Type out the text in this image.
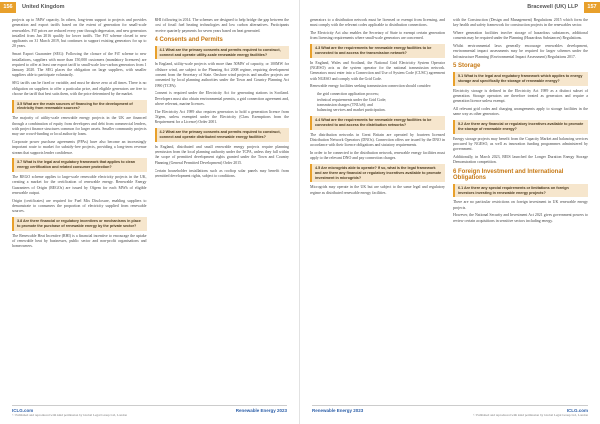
156	United Kingdom

projects up to 5MW capacity. In others, long-term support to projects and provides generation and export tariffs based on the extent of generation for small-scale renewables. FiT prices are reduced every year through degression, and new generators installed from Jan 2016 qualify for lower tariffs. The FiT scheme closed to new applicants on 31 March 2019, but continues to support existing generators for up to 20 years.

Smart Export Guarantee (SEG): Following the closure of the FiT scheme to new installations, suppliers with more than 150,000 customers (mandatory licensees) are required to offer at least one export tariff to small-scale low-carbon generators from 1 January 2020. The SEG places the obligation on large suppliers, with smaller suppliers able to participate voluntarily.

SEG tariffs can be fixed or variable, and must be above zero at all times. There is no obligation on suppliers to offer a particular price, and eligible generators are free to choose the tariff that best suits them, with the price determined by the market.

3.5 What are the main sources of financing for the development of electricity from renewable sources?

The majority of utility-scale renewable energy projects in the UK are financed through a combination of equity from developers and debt from commercial lenders, with project finance structures common for larger assets. Smaller community projects may use crowd-funding or local authority loans.

Corporate power purchase agreements (PPAs) have also become an increasingly important route to market for subsidy-free projects, providing a long-term revenue stream that supports lender confidence.

3.7 What is the legal and regulatory framework that applies to clean energy certification and related consumer protection?

The REGO scheme applies to large-scale renewable electricity projects in the UK, creating a market for the certification of renewable energy. Renewable Energy Guarantees of Origin (REGOs) are issued by Ofgem for each MWh of eligible renewable output.

Origin (certificates) are required for Fuel Mix Disclosure, enabling suppliers to demonstrate to consumers the proportion of electricity supplied from renewable sources.

3.8 Are there financial or regulatory incentives or mechanisms in place to promote the purchase of renewable energy by the private sector?

The Renewable Heat Incentive (RHI) is a financial incentive to encourage the uptake of renewable heat by businesses, public sector and non-profit organisations and homeowners.

RHI following in 2014. The schemes are designed to help bridge the gap between the cost of fossil fuel heating technologies and low carbon alternatives. Participants receive quarterly payments for seven years based on heat generated.

4 Consents and Permits
4.1 What are the primary consents and permits required to construct, connect and operate utility-scale renewable energy facilities?

In England, utility-scale projects with more than 50MW of capacity, or 100MW for offshore wind, are subject to the Planning Act 2008 regime, requiring development consent from the Secretary of State. Onshore wind projects and smaller projects are consented by local planning authorities under the Town and Country Planning Act 1990 (TCPA).

Consent is required under the Electricity Act for generating stations in Scotland. Developers must also obtain environmental permits, a grid connection agreement and, where relevant, marine licences.

The Electricity Act 1989 also requires generators to hold a generation licence from Ofgem, unless exempted under the Electricity (Class Exemptions from the Requirement for a Licence) Order 2001.

4.2 What are the primary consents and permits required to construct, connect and operate distributed renewable energy facilities?

In England, distributed and small renewable energy projects require planning permission from the local planning authority under the TCPA, unless they fall within the scope of permitted development rights granted under the Town and Country Planning (General Permitted Development) Order 2015.

Certain householder installations such as rooftop solar panels may benefit from permitted development rights, subject to conditions.

ICLG.com
© Published and reproduced with kind permission by Global Legal Group Ltd, London
Renewable Energy 2023
Bracewell (UK) LLP	157

generators to a distribution network must be licensed or exempt from licensing, and must comply with the relevant codes applicable to distribution connections.

The Electricity Act also enables the Secretary of State to exempt certain generation from licensing requirements where small-scale generators are concerned.

4.3 What are the requirements for renewable energy facilities to be connected to and access the transmission network?

In England, Wales and Scotland, the National Grid Electricity System Operator (NGESO) acts as the system operator for the national transmission network. Generators must enter into a Connection and Use of System Code (CUSC) agreement with NGESO and comply with the Grid Code.

Renewable energy facilities seeking transmission connection should consider:

• the grid connection application process;
• technical requirements under the Grid Code;
• transmission charges (TNUoS); and
• balancing services and market participation.
4.4 What are the requirements for renewable energy facilities to be connected to and access the distribution networks?

The distribution networks in Great Britain are operated by fourteen licensed Distribution Network Operators (DNOs). Connection offers are issued by the DNO in accordance with their licence obligations and statutory requirements.

In order to be connected to the distribution network, renewable energy facilities must apply to the relevant DNO and pay connection charges.

4.5 Are microgrids able to operate? If so, what is the legal framework and are there any financial or regulatory incentives available to promote investment in microgrids?

Microgrids may operate in the UK but are subject to the same legal and regulatory regime as distributed renewable energy facilities.

with the Construction (Design and Management) Regulations 2015 which form the key health and safety framework for construction projects in the renewables sector.

Where generation facilities involve storage of hazardous substances, additional consents may be required under the Planning (Hazardous Substances) Regulations.

Whilst environmental laws generally encourage renewables development, environmental impact assessments may be required for larger schemes under the Infrastructure Planning (Environmental Impact Assessment) Regulations 2017.

5 Storage
5.1 What is the legal and regulatory framework which applies to energy storage and specifically the storage of renewable energy?

Electricity storage is defined in the Electricity Act 1989 as a distinct subset of generation. Storage operators are therefore treated as generators and require a generation licence unless exempt.

All relevant grid codes and charging arrangements apply to storage facilities in the same way as other generators.

5.2 Are there any financial or regulatory incentives available to promote the storage of renewable energy?

Energy storage projects may benefit from the Capacity Market and balancing services procured by NGESO, as well as innovation funding programmes administered by government.

Additionally, in March 2023, BEIS launched the Longer Duration Energy Storage Demonstration competition.

6 Foreign Investment and International Obligations
6.1 Are there any special requirements or limitations on foreign investors investing in renewable energy projects?

There are no particular restrictions on foreign investment in UK renewable energy projects.

However, the National Security and Investment Act 2021 gives government powers to review certain acquisitions in sensitive sectors including energy.

Renewable Energy 2023	ICLG.com
© Published and reproduced with kind permission by Global Legal Group Ltd, London
